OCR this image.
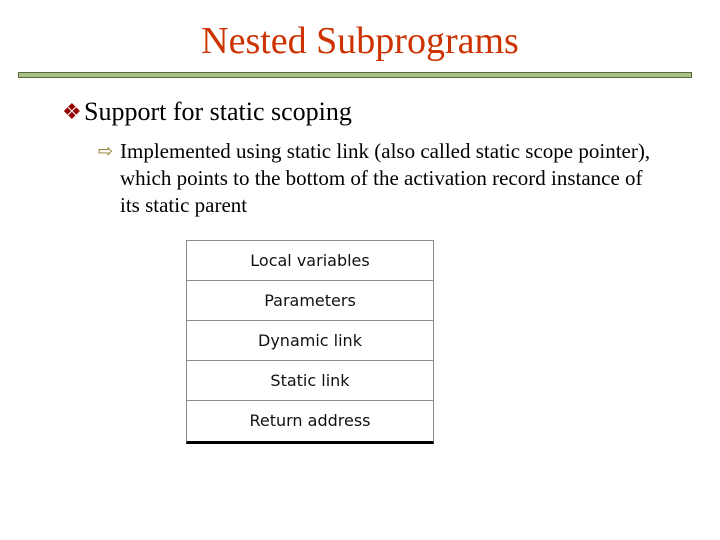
Nested Subprograms
❖Support for static scoping
⇨ Implemented using static link (also called static scope pointer), which points to the bottom of the activation record instance of its static parent
Local variables
Parameters
Dynamic link
Static link
Return address
